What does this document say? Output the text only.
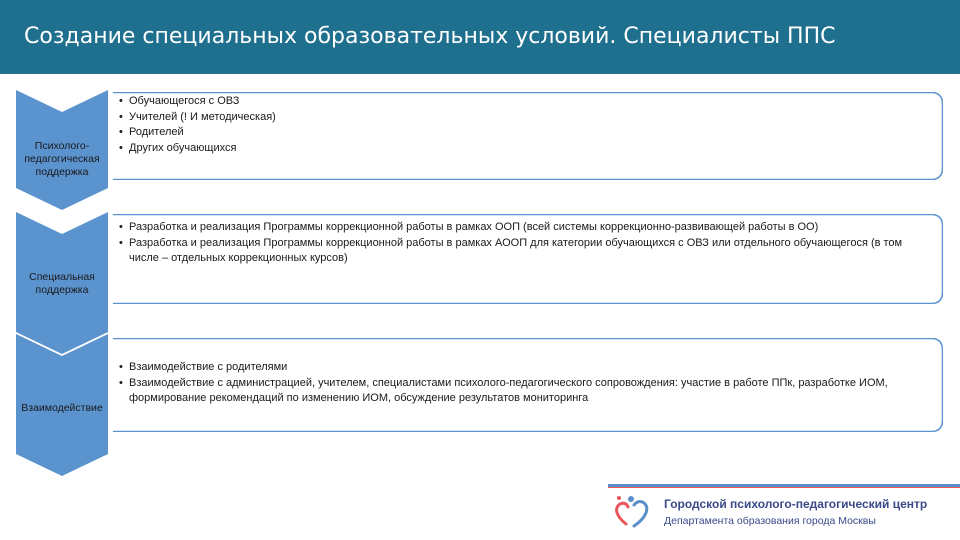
Создание специальных образовательных условий. Специалисты ППС
Психолого-педагогическая поддержка
• Обучающегося с ОВЗ
• Учителей (! И методическая)
• Родителей
• Других обучающихся
Специальная поддержка
• Разработка и реализация Программы коррекционной работы в рамках ООП (всей системы коррекционно-развивающей работы в ОО)
• Разработка и реализация Программы коррекционной работы в рамках АООП для категории обучающихся с ОВЗ или отдельного обучающегося (в том числе – отдельных коррекционных курсов)
Взаимодействие
• Взаимодействие с родителями
• Взаимодействие с администрацией, учителем, специалистами психолого-педагогического сопровождения: участие в работе ППк, разработке ИОМ, формирование рекомендаций по изменению ИОМ, обсуждение результатов мониторинга
Городской психолого-педагогический центр
Департамента образования города Москвы
